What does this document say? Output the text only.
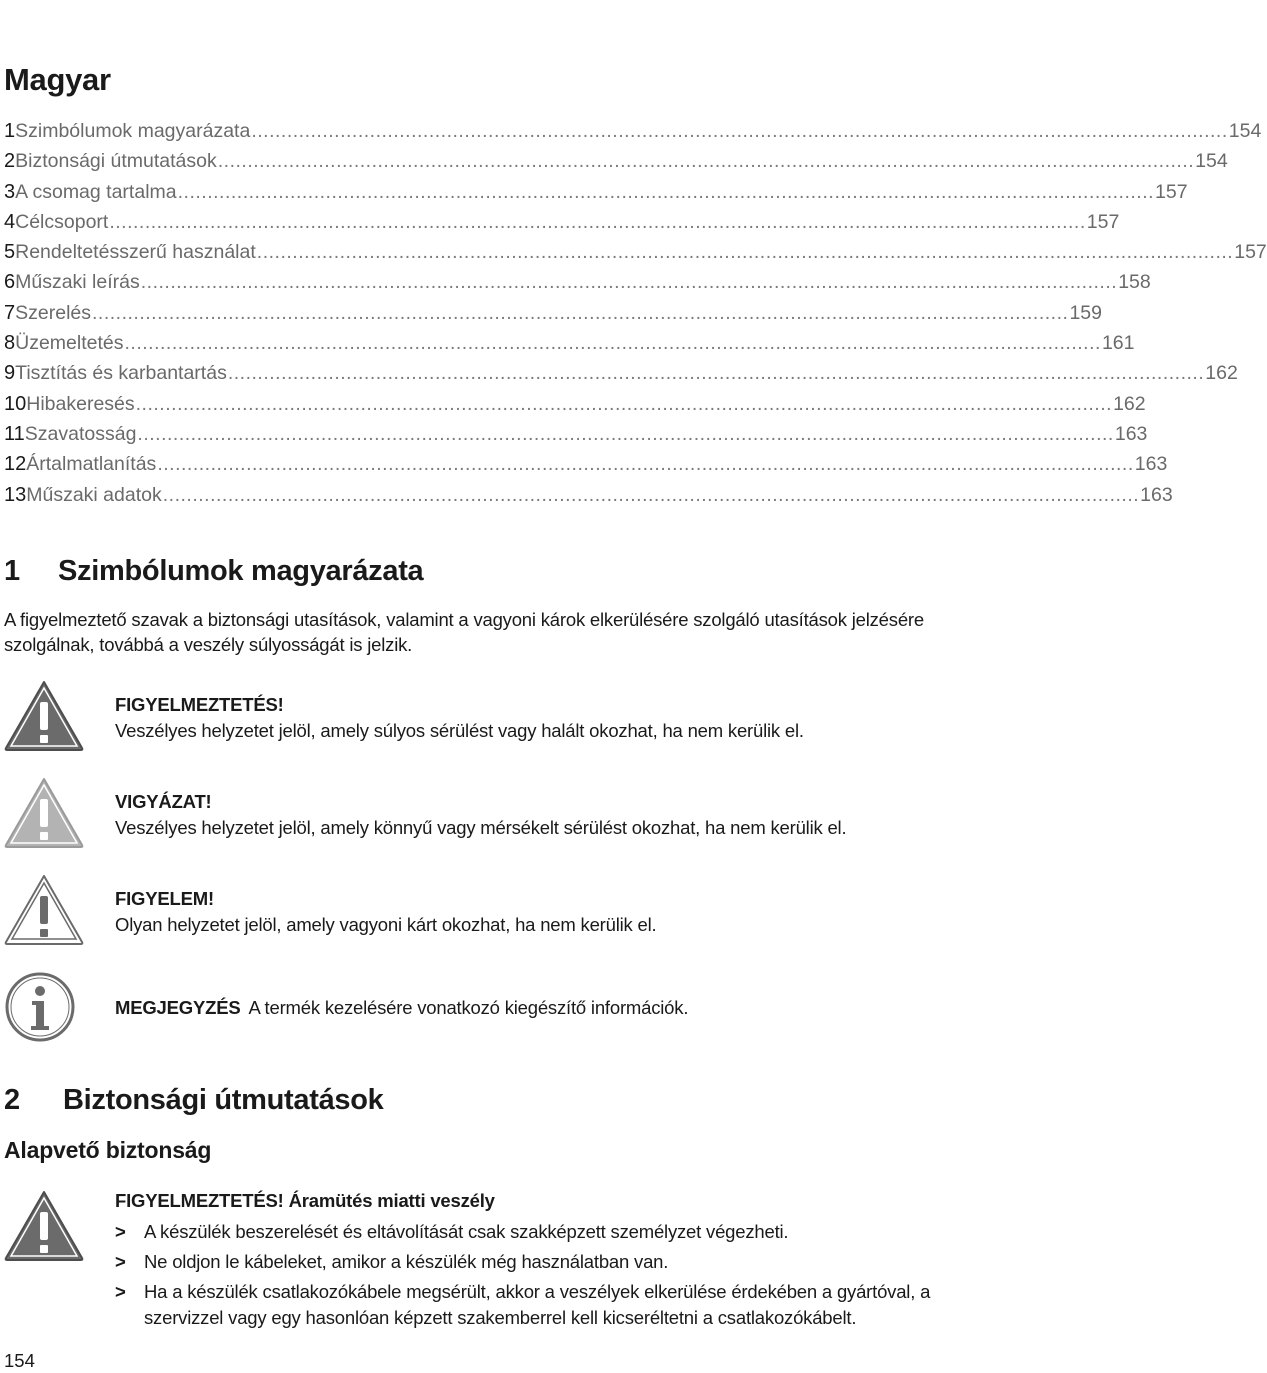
Magyar
1 Szimbólumok magyarázata ..................................................................................................................................................................... 154
2 Biztonsági útmutatások ..................................................................................................................................................................... 154
3 A csomag tartalma ..................................................................................................................................................................... 157
4 Célcsoport ..................................................................................................................................................................... 157
5 Rendeltetésszerű használat ..................................................................................................................................................................... 157
6 Műszaki leírás ..................................................................................................................................................................... 158
7 Szerelés ..................................................................................................................................................................... 159
8 Üzemeltetés ..................................................................................................................................................................... 161
9 Tisztítás és karbantartás ..................................................................................................................................................................... 162
10 Hibakeresés ..................................................................................................................................................................... 162
11 Szavatosság ..................................................................................................................................................................... 163
12 Ártalmatlanítás ..................................................................................................................................................................... 163
13 Műszaki adatok ..................................................................................................................................................................... 163
1	Szimbólumok magyarázata

A figyelmeztető szavak a biztonsági utasítások, valamint a vagyoni károk elkerülésére szolgáló utasítások jelzésére szolgálnak, továbbá a veszély súlyosságát is jelzik.

FIGYELMEZTETÉS!
Veszélyes helyzetet jelöl, amely súlyos sérülést vagy halált okozhat, ha nem kerülik el.
VIGYÁZAT!
Veszélyes helyzetet jelöl, amely könnyű vagy mérsékelt sérülést okozhat, ha nem kerülik el.
FIGYELEM!
Olyan helyzetet jelöl, amely vagyoni kárt okozhat, ha nem kerülik el.
MEGJEGYZÉS A termék kezelésére vonatkozó kiegészítő információk.
2	Biztonsági útmutatások
Alapvető biztonság
FIGYELMEZTETÉS! Áramütés miatti veszély
> A készülék beszerelését és eltávolítását csak szakképzett személyzet végezheti.
> Ne oldjon le kábeleket, amikor a készülék még használatban van.
> Ha a készülék csatlakozókábele megsérült, akkor a veszélyek elkerülése érdekében a gyártóval, a szervizzel vagy egy hasonlóan képzett szakemberrel kell kicseréltetni a csatlakozókábelt.
154
